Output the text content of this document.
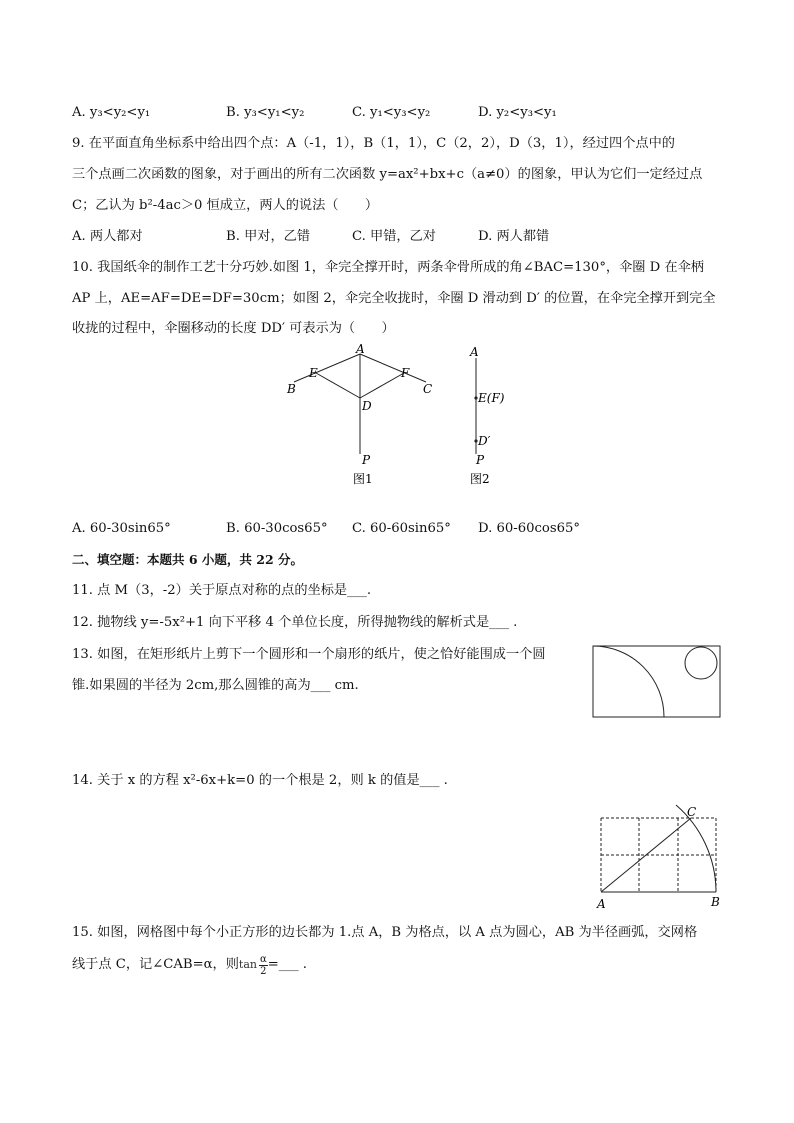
A. y₃<y₂<y₁	B. y₃<y₁<y₂	C. y₁<y₃<y₂	D. y₂<y₃<y₁
9. 在平面直角坐标系中给出四个点：A（-1，1），B（1，1），C（2，2），D（3，1），经过四个点中的
三个点画二次函数的图象，对于画出的所有二次函数 y=ax²+bx+c（a≠0）的图象，甲认为它们一定经过点
C；乙认为 b²-4ac＞0 恒成立，两人的说法（　　）
A. 两人都对	B. 甲对，乙错	C. 甲错，乙对	D. 两人都错
10. 我国纸伞的制作工艺十分巧妙.如图 1，伞完全撑开时，两条伞骨所成的角∠BAC=130°，伞圈 D 在伞柄
AP 上，AE=AF=DE=DF=30cm；如图 2，伞完全收拢时，伞圈 D 滑动到 D′ 的位置，在伞完全撑开到完全
收拢的过程中，伞圈移动的长度 DD′ 可表示为（　　）
A
B	C
D
E	F
P
图1
A
E(F)
D′
P
图2
A. 60-30sin65°	B. 60-30cos65° C. 60-60sin65° D. 60-60cos65°
二、填空题：本题共 6 小题，共 22 分。
11. 点 M（3，-2）关于原点对称的点的坐标是___.
12. 抛物线 y=-5x²+1 向下平移 4 个单位长度，所得抛物线的解析式是___ .
13. 如图，在矩形纸片上剪下一个圆形和一个扇形的纸片，使之恰好能围成一个圆
锥.如果圆的半径为 2cm,那么圆锥的高为___ cm.
14. 关于 x 的方程 x²-6x+k=0 的一个根是 2，则 k 的值是___ .
A	B
C
15. 如图，网格图中每个小正方形的边长都为 1.点 A，B 为格点，以 A 点为圆心，AB 为半径画弧，交网格
线于点 C，记∠CAB=α，则 $\tan \frac{\alpha}{2}$ =___ .
